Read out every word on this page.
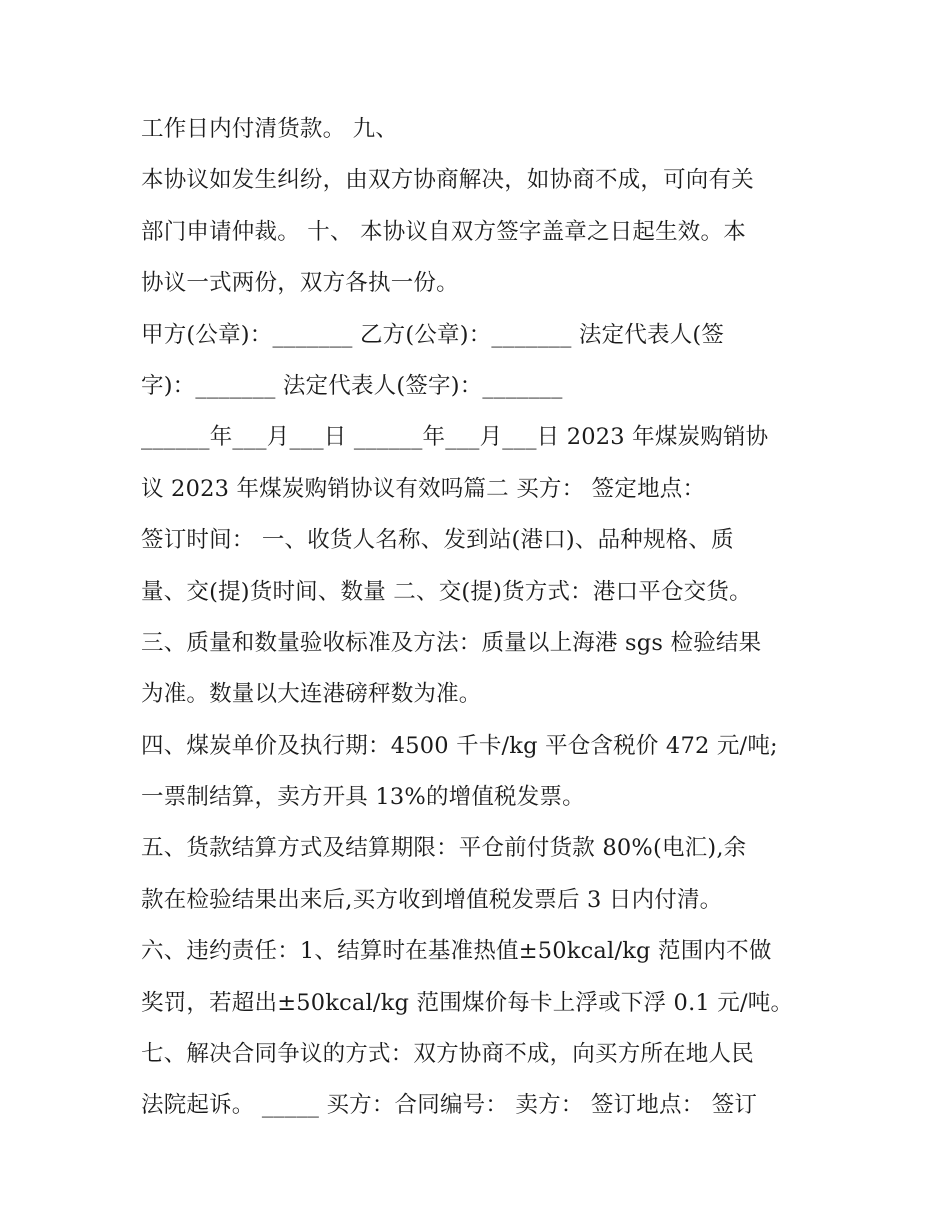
工作日内付清货款。 九、
本协议如发生纠纷，由双方协商解决，如协商不成，可向有关
部门申请仲裁。 十、 本协议自双方签字盖章之日起生效。本
协议一式两份，双方各执一份。
甲方(公章)：_______ 乙方(公章)：_______ 法定代表人(签
字)：_______ 法定代表人(签字)：_______
______年___月___日 ______年___月___日 2023 年煤炭购销协
议 2023 年煤炭购销协议有效吗篇二 买方： 签定地点：
签订时间： 一、收货人名称、发到站(港口)、品种规格、质
量、交(提)货时间、数量 二、交(提)货方式：港口平仓交货。
三、质量和数量验收标准及方法：质量以上海港 sgs 检验结果
为准。数量以大连港磅秤数为准。
四、煤炭单价及执行期：4500 千卡/kg 平仓含税价 472 元/吨;
一票制结算，卖方开具 13%的增值税发票。
五、货款结算方式及结算期限：平仓前付货款 80%(电汇),余
款在检验结果出来后,买方收到增值税发票后 3 日内付清。
六、违约责任：1、结算时在基准热值±50kcal/kg 范围内不做
奖罚，若超出±50kcal/kg 范围煤价每卡上浮或下浮 0.1 元/吨。
七、解决合同争议的方式：双方协商不成，向买方所在地人民
法院起诉。 _____ 买方：合同编号： 卖方： 签订地点： 签订
